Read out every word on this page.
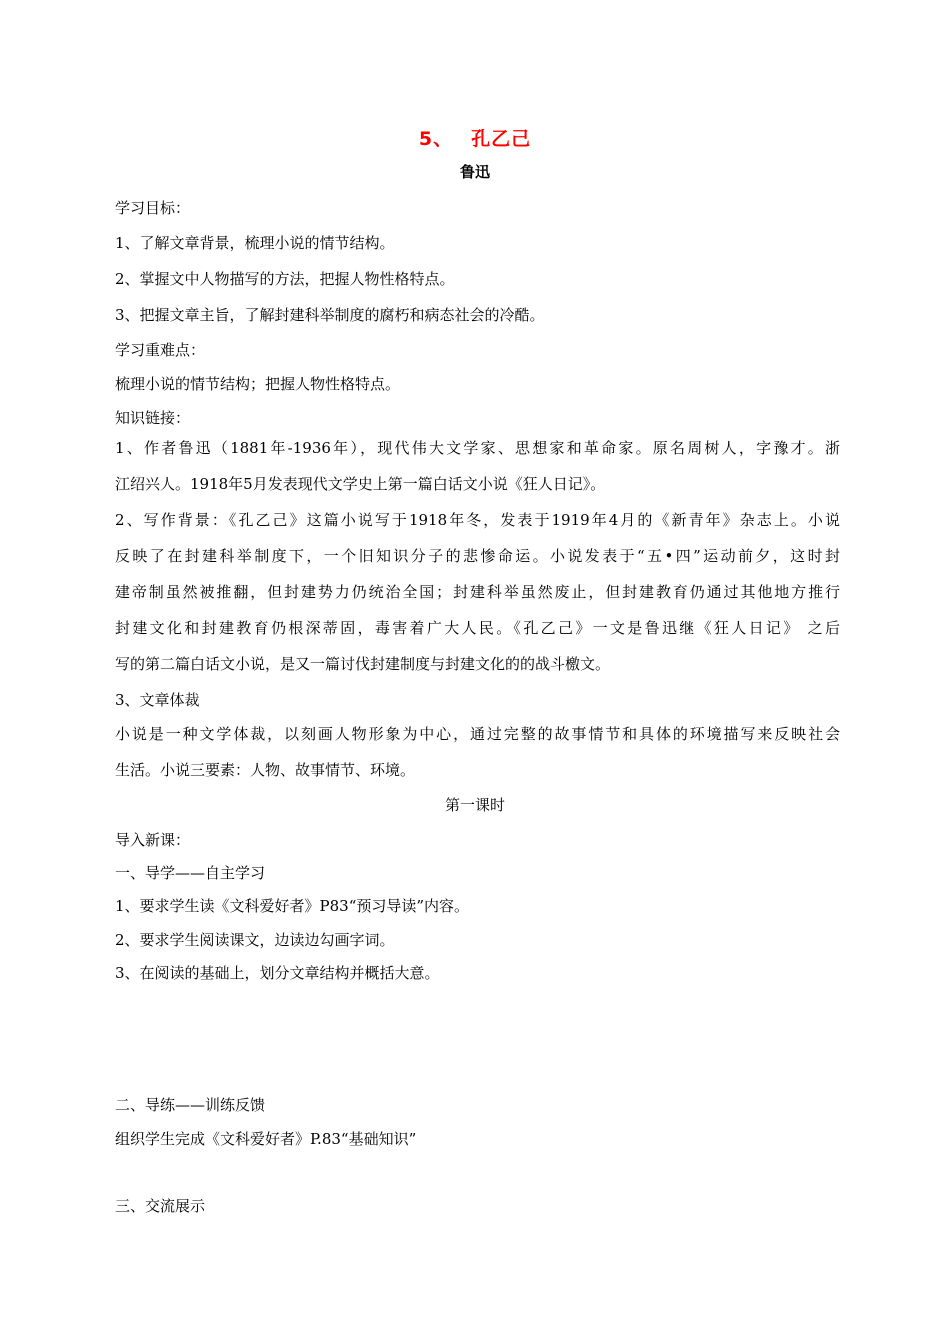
5、 孔乙己
鲁迅
学习目标：
1、了解文章背景，梳理小说的情节结构。
2、掌握文中人物描写的方法，把握人物性格特点。
3、把握文章主旨，了解封建科举制度的腐朽和病态社会的冷酷。
学习重难点：
梳理小说的情节结构；把握人物性格特点。
知识链接：
1、作者鲁迅（1881年-1936年），现代伟大文学家、思想家和革命家。原名周树人，字豫才。浙
江绍兴人。1918年5月发表现代文学史上第一篇白话文小说《狂人日记》。
2、写作背景：《孔乙己》这篇小说写于1918年冬，发表于1919年4月的《新青年》杂志上。小说
反映了在封建科举制度下，一个旧知识分子的悲惨命运。小说发表于“五•四”运动前夕，这时封
建帝制虽然被推翻，但封建势力仍统治全国；封建科举虽然废止，但封建教育仍通过其他地方推行
封建文化和封建教育仍根深蒂固，毒害着广大人民。《孔乙己》一文是鲁迅继《狂人日记》 之后
写的第二篇白话文小说，是又一篇讨伐封建制度与封建文化的的战斗檄文。
3、文章体裁
小说是一种文学体裁，以刻画人物形象为中心，通过完整的故事情节和具体的环境描写来反映社会
生活。小说三要素：人物、故事情节、环境。
第一课时
导入新课：
一、导学——自主学习
1、要求学生读《文科爱好者》P83“预习导读”内容。
2、要求学生阅读课文，边读边勾画字词。
3、在阅读的基础上，划分文章结构并概括大意。
二、导练——训练反馈
组织学生完成《文科爱好者》P.83“基础知识”
三、交流展示
